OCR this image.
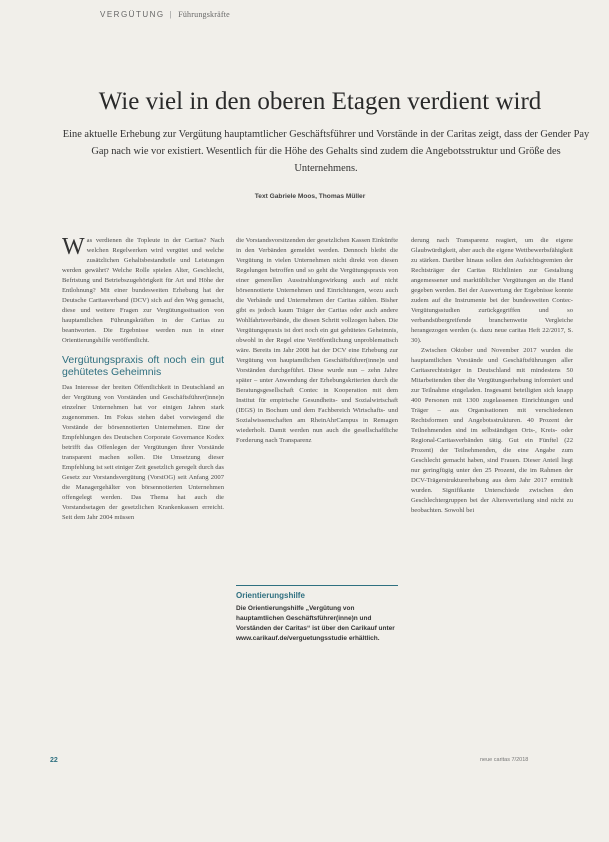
VERGÜTUNG | Führungskräfte
Wie viel in den oberen Etagen verdient wird

Eine aktuelle Erhebung zur Vergütung hauptamtlicher Geschäftsführer und Vorstände in der Caritas zeigt, dass der Gender Pay Gap nach wie vor existiert. Wesentlich für die Höhe des Gehalts sind zudem die Angebotsstruktur und Größe des Unternehmens.

Text Gabriele Moos, Thomas Müller
W as verdienen die Topleute in der Caritas? Nach welchen Regelwerken wird vergütet und welche zusätzlichen Gehaltsbestandteile und Leistungen werden gewährt? Welche Rolle spielen Alter, Geschlecht, Befristung und Betriebszugehörigkeit für Art und Höhe der Entlohnung? Mit einer bundesweiten Erhebung hat der Deutsche Caritasverband (DCV) sich auf den Weg gemacht, diese und weitere Fragen zur Vergütungssituation von hauptamtlichen Führungskräften in der Caritas zu beantworten. Die Ergebnisse werden nun in einer Orientierungshilfe veröffentlicht.

Vergütungspraxis oft noch ein gut gehütetes Geheimnis

Das Interesse der breiten Öffentlichkeit in Deutschland an der Vergütung von Vorständen und Geschäftsführer(inne)n einzelner Unternehmen hat vor einigen Jahren stark zugenommen. Im Fokus stehen dabei vorwiegend die Vorstände der börsennotierten Unternehmen. Eine der Empfehlungen des Deutschen Corporate Governance Kodex betrifft das Offenlegen der Vergütungen ihrer Vorstände transparent machen sollen. Die Umsetzung dieser Empfehlung ist seit einiger Zeit gesetzlich geregelt durch das Gesetz zur Vorstandsvergütung (VorstOG) seit Anfang 2007 die Managergehälter von börsennotierten Unternehmen offengelegt werden. Das Thema hat auch die Vorstandsetagen der gesetzlichen Krankenkassen erreicht. Seit dem Jahr 2004 müssen

die Vorstandsvorsitzenden der gesetzlichen Kassen Einkünfte in den Verbänden gemeldet werden. Dennoch bleibt die Vergütung in vielen Unternehmen nicht direkt von diesen Regelungen betroffen und so geht die Vergütungspraxis von einer generellen Ausstrahlungswirkung auch auf nicht börsennotierte Unternehmen und Einrichtungen, wozu auch die Verbände und Unternehmen der Caritas zählen. Bisher gibt es jedoch kaum Träger der Caritas oder auch andere Wohlfahrtsverbände, die diesen Schritt vollzogen haben. Die Vergütungspraxis ist dort noch ein gut gehütetes Geheimnis, obwohl in der Regel eine Veröffentlichung unproblematisch wäre. Bereits im Jahr 2008 hat der DCV eine Erhebung zur Vergütung von hauptamtlichen Geschäftsführer(inne)n und Vorständen durchgeführt. Diese wurde nun – zehn Jahre später – unter Anwendung der Erhebungskriterien durch die Beratungsgesellschaft Contec in Kooperation mit dem Institut für empirische Gesundheits- und Sozialwirtschaft (IEGS) in Bochum und dem Fachbereich Wirtschafts- und Sozialwissenschaften am RheinAhrCampus in Remagen wiederholt. Damit werden nun auch die gesellschaftliche Forderung nach Transparenz

Orientierungshilfe

Die Orientierungshilfe „Vergütung von hauptamtlichen Geschäftsführer(inne)n und Vorständen der Caritas“ ist über den Carikauf unter www.carikauf.de/verguetungsstudie erhältlich.

derung nach Transparenz reagiert, um die eigene Glaubwürdigkeit, aber auch die eigene Wettbewerbsfähigkeit zu stärken. Darüber hinaus sollen den Aufsichtsgremien der Rechtsträger der Caritas Richtlinien zur Gestaltung angemessener und marktüblicher Vergütungen an die Hand gegeben werden. Bei der Auswertung der Ergebnisse konnte zudem auf die Instrumente bei der bundesweiten Contec-Vergütungsstudien zurückgegriffen und so verbandsübergreifende branchenweite Vergleiche herangezogen werden (s. dazu neue caritas Heft 22/2017, S. 30).

Zwischen Oktober und November 2017 wurden die hauptamtlichen Vorstände und Geschäftsführungen aller Caritasrechtsträger in Deutschland mit mindestens 50 Mitarbeitenden über die Vergütungserhebung informiert und zur Teilnahme eingeladen. Insgesamt beteiligten sich knapp 400 Personen mit 1300 zugelassenen Einrichtungen und Träger – aus Organisationen mit verschiedenen Rechtsformen und Angebotsstrukturen. 40 Prozent der Teilnehmenden sind im selbständigen Orts-, Kreis- oder Regional-Caritasverbänden tätig. Gut ein Fünftel (22 Prozent) der Teilnehmenden, die eine Angabe zum Geschlecht gemacht haben, sind Frauen. Dieser Anteil liegt nur geringfügig unter den 25 Prozent, die im Rahmen der DCV-Trägerstrukturerhebung aus dem Jahr 2017 ermittelt wurden. Signifikante Unterschiede zwischen den Geschlechtergruppen bei der Altersverteilung sind nicht zu beobachten. Sowohl bei

22	neue caritas 7/2018
